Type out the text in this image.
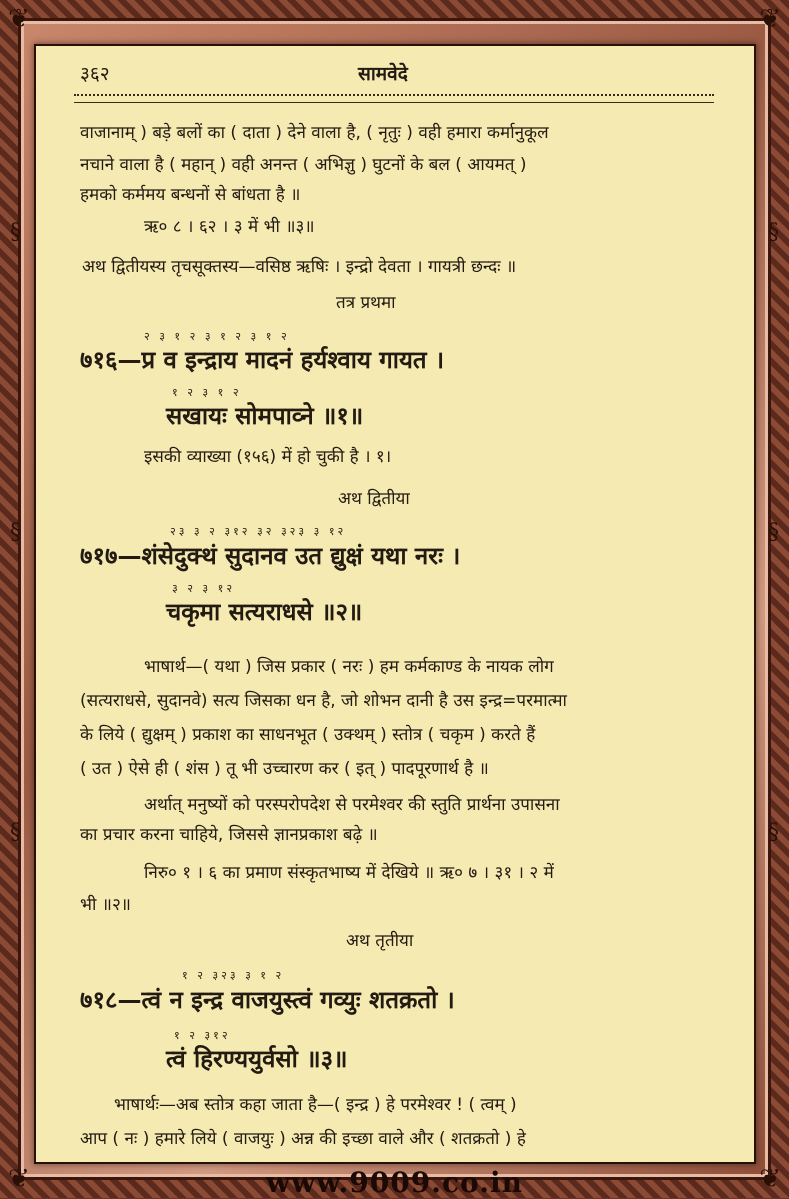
❦	❦
❦	❦
§
§
§
§
§
§
३६२	सामवेदे
वाजानाम् ) बड़े बलों का ( दाता ) देने वाला है, ( नृतुः ) वही हमारा कर्मानुकूल
नचाने वाला है ( महान् ) वही अनन्त ( अभिज्ञु ) घुटनों के बल ( आयमत् )
हमको कर्ममय बन्धनों से बांधता है ॥
ऋ० ८ । ६२ । ३ में भी ॥३॥
अथ द्वितीयस्य तृचसूक्तस्य—वसिष्ठ ऋषिः । इन्द्रो देवता । गायत्री छन्दः ॥
तत्र प्रथमा
२ ३ १ २ ३ १ २ ३ १ २
७१६—प्र व इन्द्राय मादनं हर्यश्वाय गायत ।
१ २ ३ १ २
सखायः सोमपाव्ने ॥१॥
इसकी व्याख्या (१५६) में हो चुकी है । १।
अथ द्वितीया
२३ ३ २ ३१२ ३२ ३२३ ३ १२
७१७—शंसेदुक्थं सुदानव उत द्युक्षं यथा नरः ।
३ २ ३ १२
चकृमा सत्यराधसे ॥२॥
भाषार्थ—( यथा ) जिस प्रकार ( नरः ) हम कर्मकाण्ड के नायक लोग
(सत्यराधसे, सुदानवे) सत्य जिसका धन है, जो शोभन दानी है उस इन्द्र=परमात्मा
के लिये ( द्युक्षम् ) प्रकाश का साधनभूत ( उक्थम् ) स्तोत्र ( चकृम ) करते हैं
( उत ) ऐसे ही ( शंस ) तू भी उच्चारण कर ( इत् ) पादपूरणार्थ है ॥
अर्थात् मनुष्यों को परस्परोपदेश से परमेश्वर की स्तुति प्रार्थना उपासना
का प्रचार करना चाहिये, जिससे ज्ञानप्रकाश बढ़े ॥
निरु० १ । ६ का प्रमाण संस्कृतभाष्य में देखिये ॥ ऋ० ७ । ३१ । २ में
भी ॥२॥
अथ तृतीया
१ २ ३२३ ३ १ २
७१८—त्वं न इन्द्र वाजयुस्त्वं गव्युः शतक्रतो ।
१ २ ३१२
त्वं हिरण्ययुर्वसो ॥३॥
भाषार्थः—अब स्तोत्र कहा जाता है—( इन्द्र ) हे परमेश्वर ! ( त्वम् )
आप ( नः ) हमारे लिये ( वाजयुः ) अन्न की इच्छा वाले और ( शतक्रतो ) हे
www.9009.co.in
